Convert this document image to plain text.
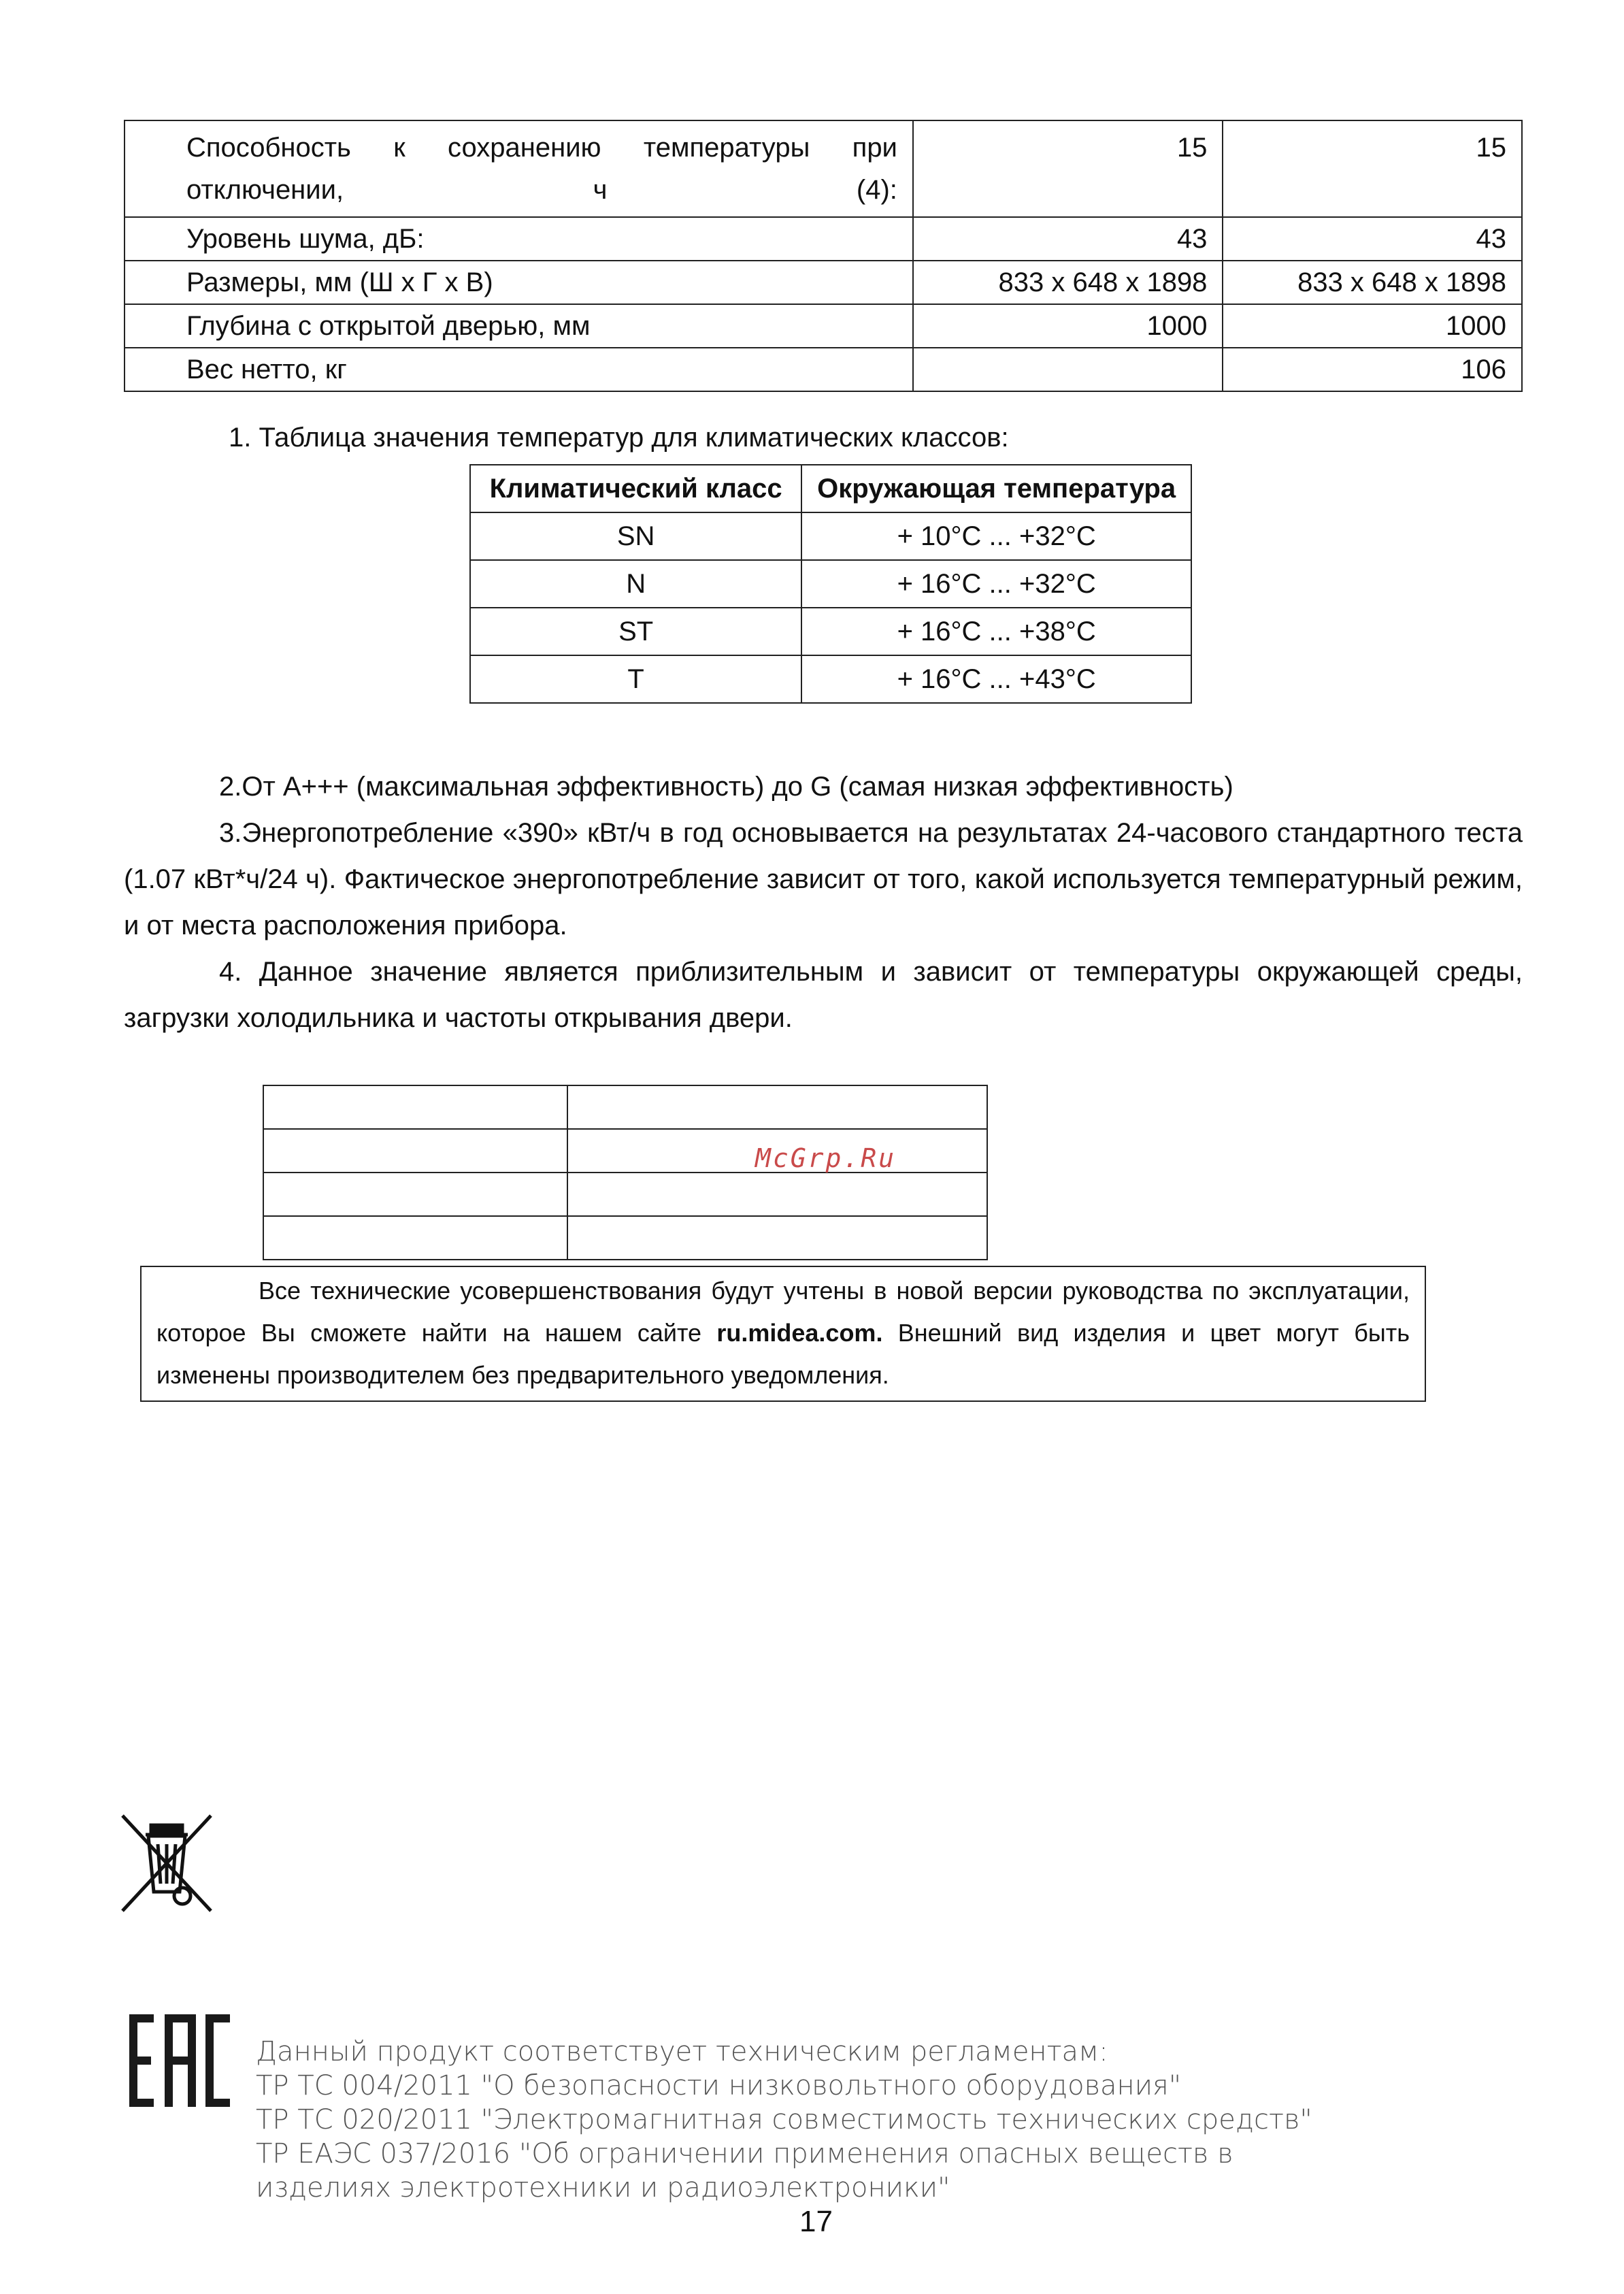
Способность к сохранению температуры при отключении, ч (4):	15	15
Уровень шума, дБ:	43	43
Размеры, мм (Ш х Г х В)	833 x 648 x 1898	833 x 648 x 1898
Глубина с открытой дверью, мм	1000	1000
Вес нетто, кг		106
1. Таблица значения температур для климатических классов:
Климатический класс	Окружающая температура
SN	+ 10°C ... +32°C
N	+ 16°C ... +32°C
ST	+ 16°C ... +38°C
T	+ 16°C ... +43°C
2.От А+++ (максимальная эффективность) до G (самая низкая эффективность)
3.Энергопотребление «390» кВт/ч в год основывается на результатах 24-часового стандартного теста (1.07 кВт*ч/24 ч). Фактическое энергопотребление зависит от того, какой используется температурный режим, и от места расположения прибора.
4. Данное значение является приблизительным и зависит от температуры окружающей среды, загрузки холодильника и частоты открывания двери.

McGrp.Ru
Все технические усовершенствования будут учтены в новой версии руководства по эксплуатации, которое Вы сможете найти на нашем сайте ru.midea.com. Внешний вид изделия и цвет могут быть изменены производителем без предварительного уведомления.
Данный продукт соответствует техническим регламентам:
ТР ТС 004/2011 "О безопасности низковольтного оборудования"
ТР ТС 020/2011 "Электромагнитная совместимость технических средств"
ТР ЕАЭС 037/2016 "Об ограничении применения опасных веществ в
изделиях электротехники и радиоэлектроники"
17
